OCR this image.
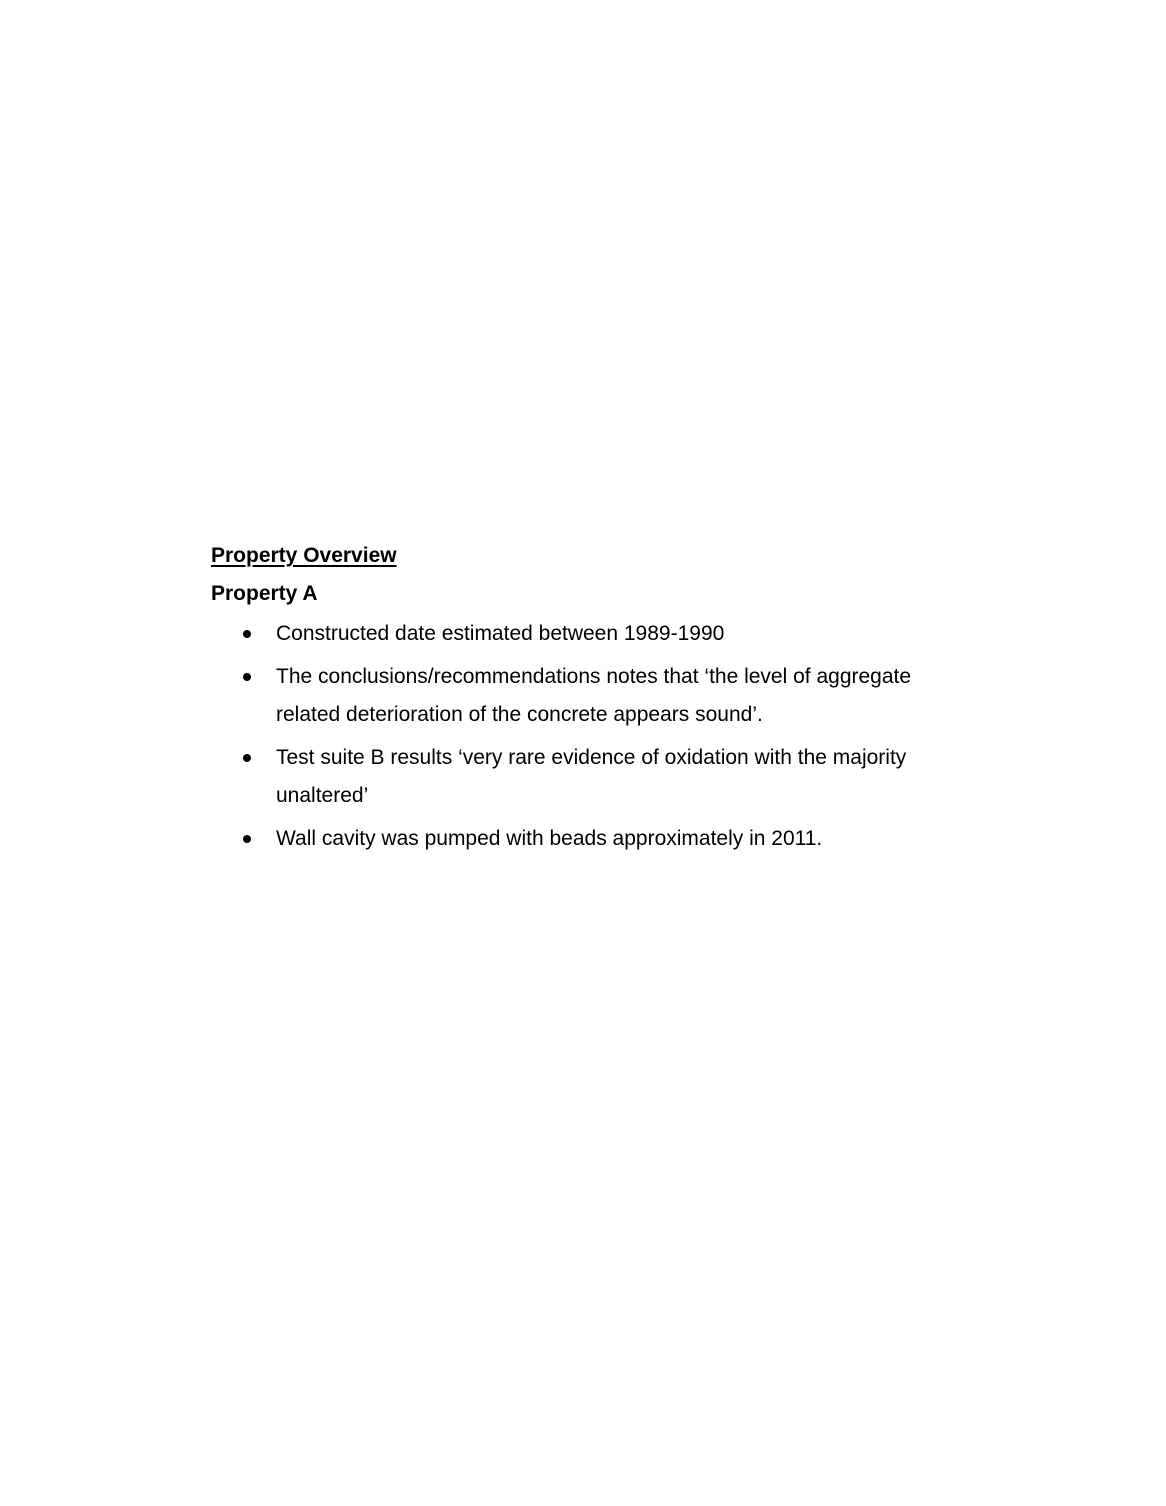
Property Overview
Property A
Constructed date estimated between 1989-1990
The conclusions/recommendations notes that ‘the level of aggregate related deterioration of the concrete appears sound’.
Test suite B results ‘very rare evidence of oxidation with the majority unaltered’
Wall cavity was pumped with beads approximately in 2011.
